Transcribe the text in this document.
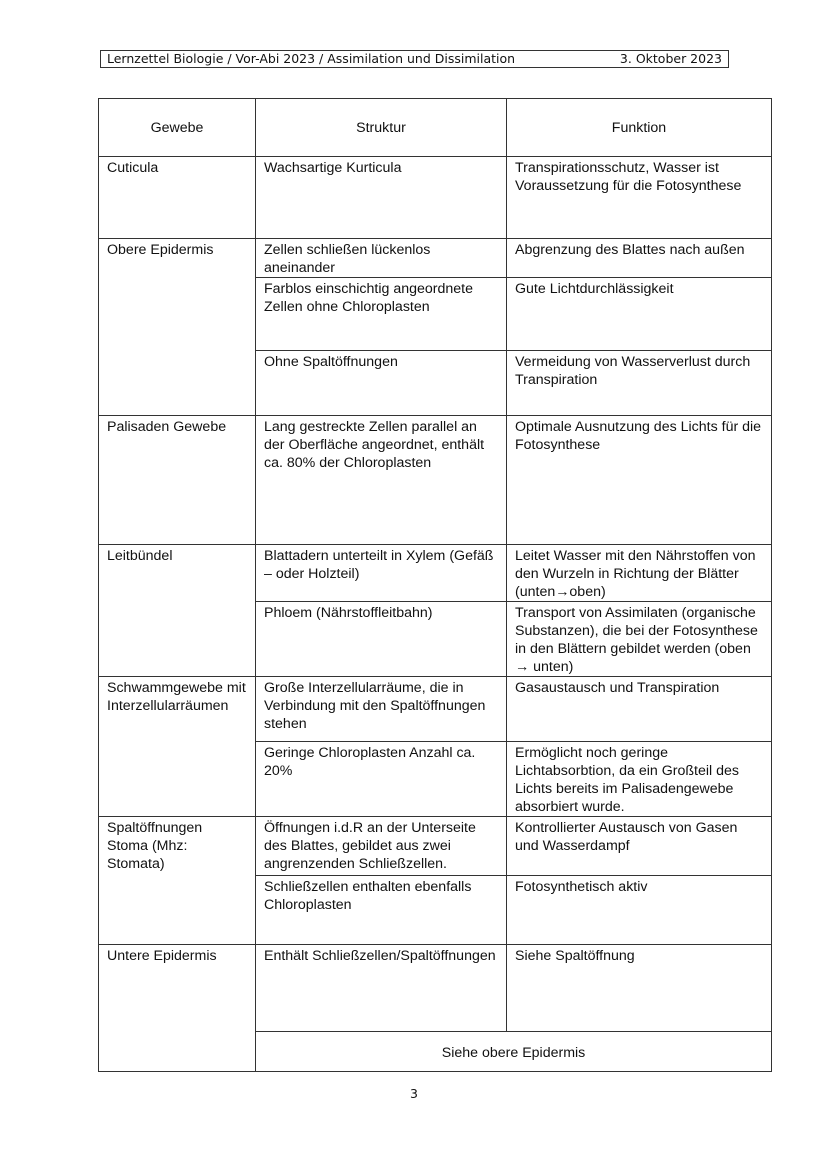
Lernzettel Biologie / Vor-Abi 2023 / Assimilation und Dissimilation	3. Oktober 2023
Gewebe	Struktur	Funktion
Cuticula	Wachsartige Kurticula	Transpirationsschutz, Wasser ist Voraussetzung für die Fotosynthese
Obere Epidermis	Zellen schließen lückenlos aneinander	Abgrenzung des Blattes nach außen
	Farblos einschichtig angeordnete Zellen ohne Chloroplasten	Gute Lichtdurchlässigkeit
	Ohne Spaltöffnungen	Vermeidung von Wasserverlust durch Transpiration
Palisaden Gewebe	Lang gestreckte Zellen parallel an der Oberfläche angeordnet, enthält ca. 80% der Chloroplasten	Optimale Ausnutzung des Lichts für die Fotosynthese
Leitbündel	Blattadern unterteilt in Xylem (Gefäß – oder Holzteil)	Leitet Wasser mit den Nährstoffen von den Wurzeln in Richtung der Blätter (unten→oben)
	Phloem (Nährstoffleitbahn)	Transport von Assimilaten (organische Substanzen), die bei der Fotosynthese in den Blättern gebildet werden (oben → unten)
Schwammgewebe mit Interzellularräumen	Große Interzellularräume, die in Verbindung mit den Spaltöffnungen stehen	Gasaustausch und Transpiration
	Geringe Chloroplasten Anzahl ca. 20%	Ermöglicht noch geringe Lichtabsorbtion, da ein Großteil des Lichts bereits im Palisadengewebe absorbiert wurde.
Spaltöffnungen Stoma (Mhz: Stomata)	Öffnungen i.d.R an der Unterseite des Blattes, gebildet aus zwei angrenzenden Schließzellen.	Kontrollierter Austausch von Gasen und Wasserdampf
	Schließzellen enthalten ebenfalls Chloroplasten	Fotosynthetisch aktiv
Untere Epidermis	Enthält Schließzellen/Spaltöffnungen	Siehe Spaltöffnung
	Siehe obere Epidermis	
3
